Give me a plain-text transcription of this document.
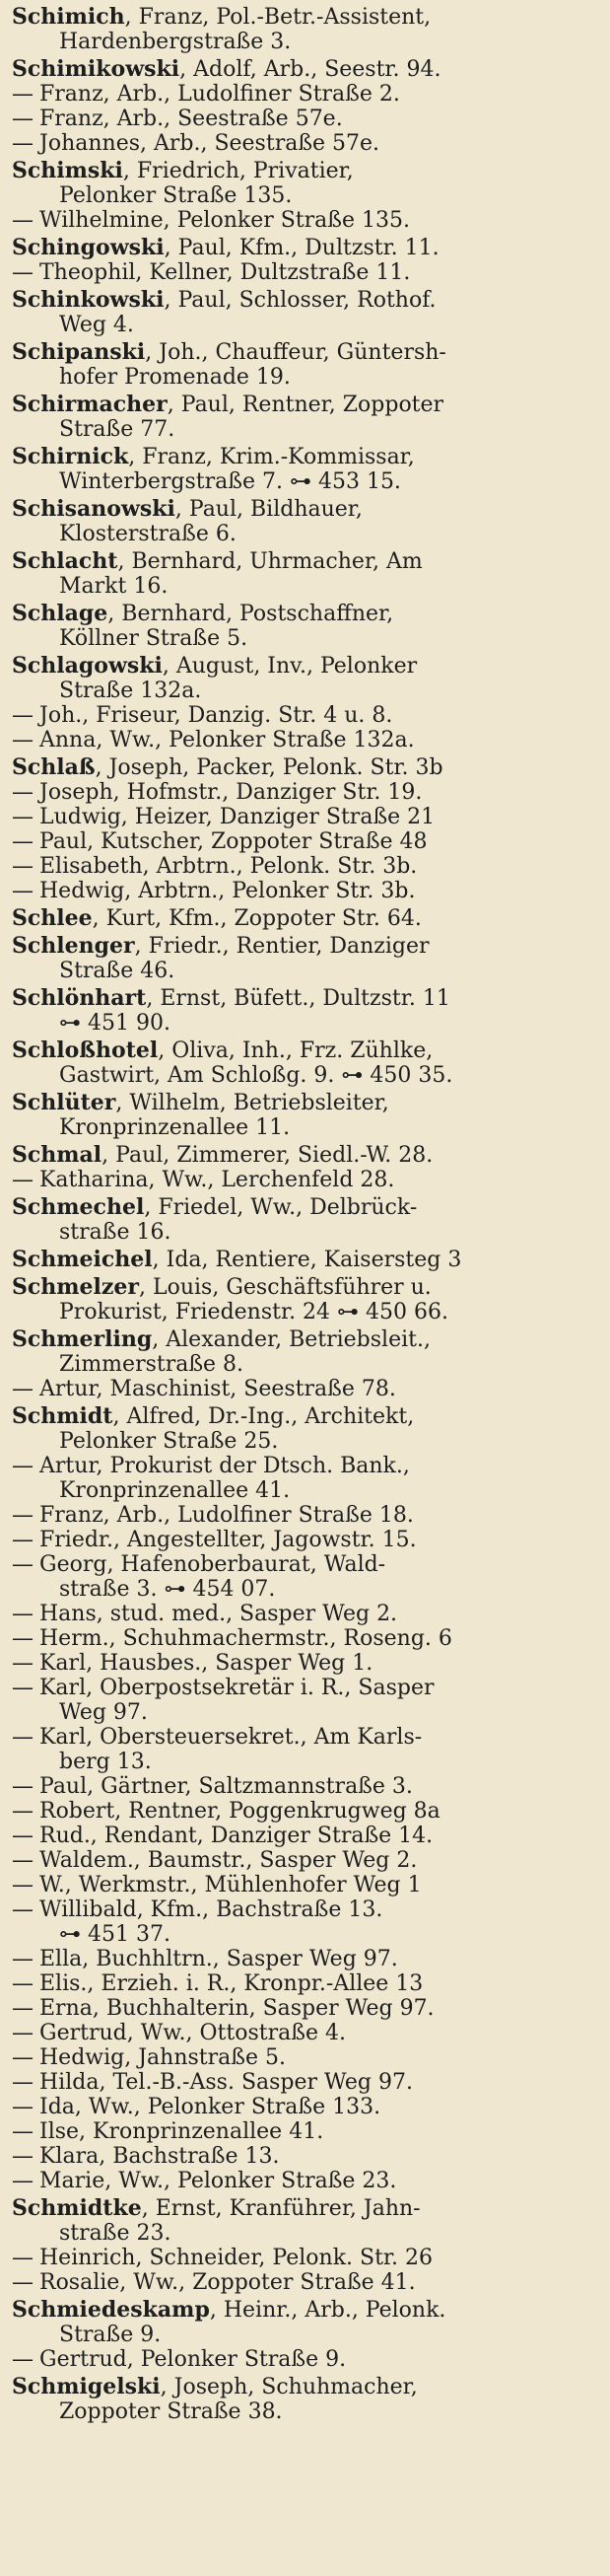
Schimich, Franz, Pol.-Betr.-Assistent,
Hardenbergstraße 3.

Schimikowski, Adolf, Arb., Seestr. 94.

— Franz, Arb., Ludolfiner Straße 2.

— Franz, Arb., Seestraße 57e.

— Johannes, Arb., Seestraße 57e.

Schimski, Friedrich, Privatier,
Pelonker Straße 135.

— Wilhelmine, Pelonker Straße 135.

Schingowski, Paul, Kfm., Dultzstr. 11.

— Theophil, Kellner, Dultzstraße 11.

Schinkowski, Paul, Schlosser, Rothof.
Weg 4.

Schipanski, Joh., Chauffeur, Güntersh-
hofer Promenade 19.

Schirmacher, Paul, Rentner, Zoppoter
Straße 77.

Schirnick, Franz, Krim.-Kommissar,
Winterbergstraße 7. ⊶ 453 15.

Schisanowski, Paul, Bildhauer,
Klosterstraße 6.

Schlacht, Bernhard, Uhrmacher, Am
Markt 16.

Schlage, Bernhard, Postschaffner,
Köllner Straße 5.

Schlagowski, August, Inv., Pelonker
Straße 132a.

— Joh., Friseur, Danzig. Str. 4 u. 8.

— Anna, Ww., Pelonker Straße 132a.

Schlaß, Joseph, Packer, Pelonk. Str. 3b

— Joseph, Hofmstr., Danziger Str. 19.

— Ludwig, Heizer, Danziger Straße 21

— Paul, Kutscher, Zoppoter Straße 48

— Elisabeth, Arbtrn., Pelonk. Str. 3b.

— Hedwig, Arbtrn., Pelonker Str. 3b.

Schlee, Kurt, Kfm., Zoppoter Str. 64.

Schlenger, Friedr., Rentier, Danziger
Straße 46.

Schlönhart, Ernst, Büfett., Dultzstr. 11
⊶ 451 90.

Schloßhotel, Oliva, Inh., Frz. Zühlke,
Gastwirt, Am Schloßg. 9. ⊶ 450 35.

Schlüter, Wilhelm, Betriebsleiter,
Kronprinzenallee 11.

Schmal, Paul, Zimmerer, Siedl.-W. 28.

— Katharina, Ww., Lerchenfeld 28.

Schmechel, Friedel, Ww., Delbrück-
straße 16.

Schmeichel, Ida, Rentiere, Kaisersteg 3

Schmelzer, Louis, Geschäftsführer u.
Prokurist, Friedenstr. 24 ⊶ 450 66.

Schmerling, Alexander, Betriebsleit.,
Zimmerstraße 8.

— Artur, Maschinist, Seestraße 78.

Schmidt, Alfred, Dr.-Ing., Architekt,
Pelonker Straße 25.

— Artur, Prokurist der Dtsch. Bank.,
Kronprinzenallee 41.

— Franz, Arb., Ludolfiner Straße 18.

— Friedr., Angestellter, Jagowstr. 15.

— Georg, Hafenoberbaurat, Wald-
straße 3. ⊶ 454 07.

— Hans, stud. med., Sasper Weg 2.

— Herm., Schuhmachermstr., Roseng. 6

— Karl, Hausbes., Sasper Weg 1.

— Karl, Oberpostsekretär i. R., Sasper
Weg 97.

— Karl, Obersteuersekret., Am Karls-
berg 13.

— Paul, Gärtner, Saltzmannstraße 3.

— Robert, Rentner, Poggenkrugweg 8a

— Rud., Rendant, Danziger Straße 14.

— Waldem., Baumstr., Sasper Weg 2.

— W., Werkmstr., Mühlenhofer Weg 1

— Willibald, Kfm., Bachstraße 13.
⊶ 451 37.

— Ella, Buchhltrn., Sasper Weg 97.

— Elis., Erzieh. i. R., Kronpr.-Allee 13

— Erna, Buchhalterin, Sasper Weg 97.

— Gertrud, Ww., Ottostraße 4.

— Hedwig, Jahnstraße 5.

— Hilda, Tel.-B.-Ass. Sasper Weg 97.

— Ida, Ww., Pelonker Straße 133.

— Ilse, Kronprinzenallee 41.

— Klara, Bachstraße 13.

— Marie, Ww., Pelonker Straße 23.

Schmidtke, Ernst, Kranführer, Jahn-
straße 23.

— Heinrich, Schneider, Pelonk. Str. 26

— Rosalie, Ww., Zoppoter Straße 41.

Schmiedeskamp, Heinr., Arb., Pelonk.
Straße 9.

— Gertrud, Pelonker Straße 9.

Schmigelski, Joseph, Schuhmacher,
Zoppoter Straße 38.
